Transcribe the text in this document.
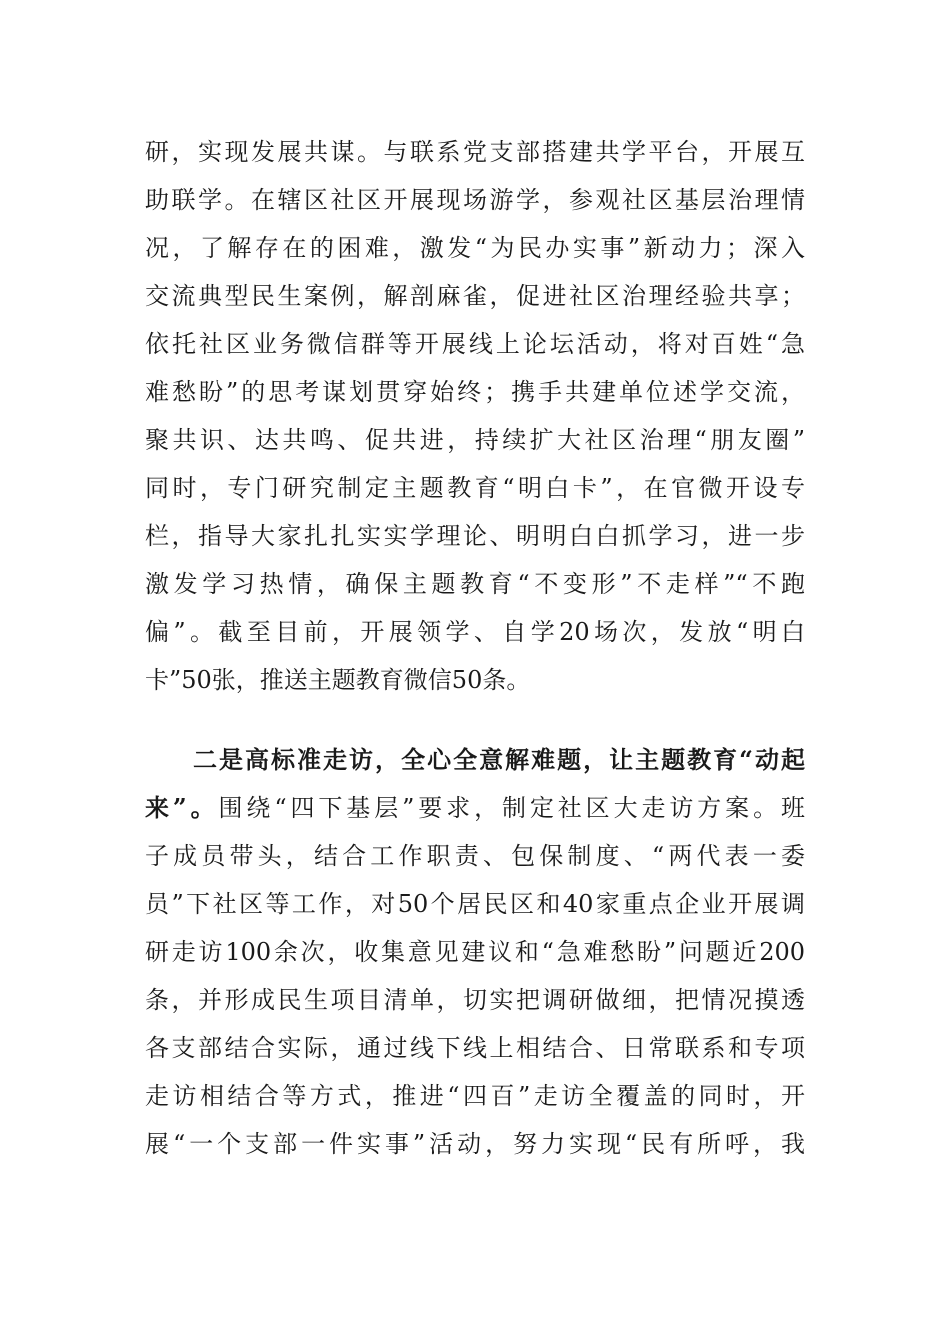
研，实现发展共谋。与联系党支部搭建共学平台，开展互
助联学。在辖区社区开展现场游学，参观社区基层治理情
况，了解存在的困难，激发“为民办实事”新动力；深入
交流典型民生案例，解剖麻雀，促进社区治理经验共享；
依托社区业务微信群等开展线上论坛活动，将对百姓“急
难愁盼”的思考谋划贯穿始终；携手共建单位述学交流，
聚共识、达共鸣、促共进，持续扩大社区治理“朋友圈”
同时，专门研究制定主题教育“明白卡”，在官微开设专
栏，指导大家扎扎实实学理论、明明白白抓学习，进一步
激发学习热情，确保主题教育“不变形”不走样”“不跑
偏”。截至目前，开展领学、自学20场次，发放“明白
卡”50张，推送主题教育微信50条。
二是高标准走访，全心全意解难题，让主题教育“动起
来”。围绕“四下基层”要求，制定社区大走访方案。班
子成员带头，结合工作职责、包保制度、“两代表一委
员”下社区等工作，对50个居民区和40家重点企业开展调
研走访100余次，收集意见建议和“急难愁盼”问题近200
条，并形成民生项目清单，切实把调研做细，把情况摸透
各支部结合实际，通过线下线上相结合、日常联系和专项
走访相结合等方式，推进“四百”走访全覆盖的同时，开
展“一个支部一件实事”活动，努力实现“民有所呼，我
